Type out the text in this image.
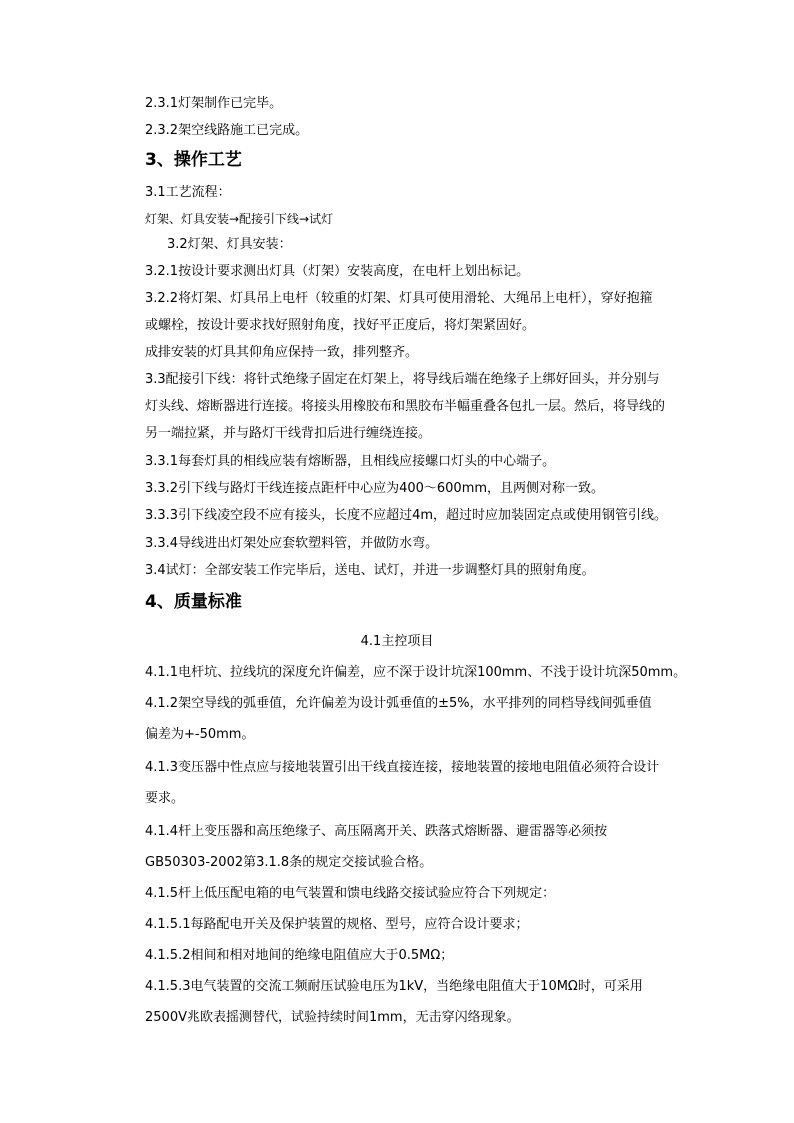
2.3.1灯架制作已完毕。
2.3.2架空线路施工已完成。
3、操作工艺
3.1工艺流程：
灯架、灯具安装→配接引下线→试灯
3.2灯架、灯具安装：
3.2.1按设计要求测出灯具（灯架）安装高度，在电杆上划出标记。
3.2.2将灯架、灯具吊上电杆（较重的灯架、灯具可使用滑轮、大绳吊上电杆），穿好抱箍
或螺栓，按设计要求找好照射角度，找好平正度后，将灯架紧固好。
成排安装的灯具其仰角应保持一致，排列整齐。
3.3配接引下线：将针式绝缘子固定在灯架上，将导线后端在绝缘子上绑好回头，并分别与
灯头线、熔断器进行连接。将接头用橡胶布和黑胶布半幅重叠各包扎一层。然后，将导线的
另一端拉紧，并与路灯干线背扣后进行缠绕连接。
3.3.1每套灯具的相线应装有熔断器，且相线应接螺口灯头的中心端子。
3.3.2引下线与路灯干线连接点距杆中心应为400～600mm，且两侧对称一致。
3.3.3引下线凌空段不应有接头，长度不应超过4m，超过时应加装固定点或使用钢管引线。
3.3.4导线进出灯架处应套软塑料管，并做防水弯。
3.4试灯：全部安装工作完毕后，送电、试灯，并进一步调整灯具的照射角度。
4、质量标准
4.1主控项目
4.1.1电杆坑、拉线坑的深度允许偏差，应不深于设计坑深100mm、不浅于设计坑深50mm。
4.1.2架空导线的弧垂值，允许偏差为设计弧垂值的±5%，水平排列的同档导线间弧垂值
偏差为+-50mm。
4.1.3变压器中性点应与接地装置引出干线直接连接，接地装置的接地电阻值必须符合设计
要求。
4.1.4杆上变压器和高压绝缘子、高压隔离开关、跌落式熔断器、避雷器等必须按
GB50303-2002第3.1.8条的规定交接试验合格。
4.1.5杆上低压配电箱的电气装置和馈电线路交接试验应符合下列规定：
4.1.5.1每路配电开关及保护装置的规格、型号，应符合设计要求；
4.1.5.2相间和相对地间的绝缘电阻值应大于0.5MΩ；
4.1.5.3电气装置的交流工频耐压试验电压为1kV，当绝缘电阻值大于10MΩ时，可采用
2500V兆欧表摇测替代，试验持续时间1mm，无击穿闪络现象。
